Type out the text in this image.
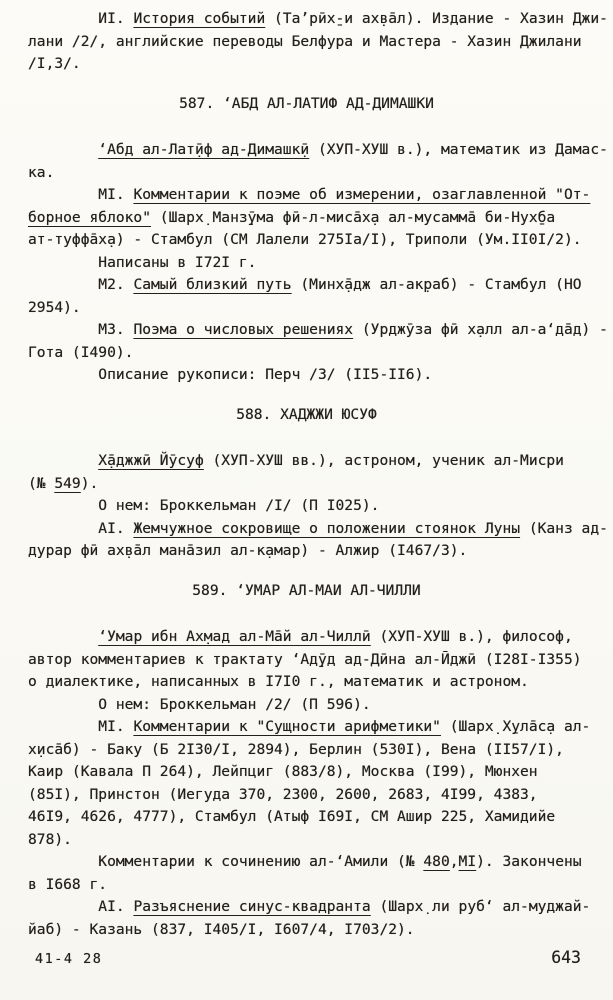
ИI. История событий (Та’рӣх̱-и ах̣ва̄л). Издание - Хазин Джи-
лани /2/, английские переводы Белфура и Мастера - Хазин Джилани
/I,3/.
587. ‘АБД АЛ-ЛАТИФ АД-ДИМАШКИ
‘Абд ал-Лат̣ӣф ад-Димашк̣ӣ (ХУП-ХУШ в.), математик из Дамас-
ка.
МI. Комментарии к поэме об измерении, озаглавленной "От-
борное яблоко" (Шарх̣ Манз̣ӯма фӣ-л-миса̄х̣а ал-мусамма̄ би-Нух̱ба
ат-туффа̄х̣а) - Стамбул (СМ Лалели 275Iа/I), Триполи (Ум.II0I/2).
Написаны в I72I г.
М2. Самый близкий путь (Минх̣а̄дж ал-ак̣раб) - Стамбул (НО
2954).
М3. Поэма о числовых решениях (Урджӯза фӣ х̣алл ал-а‘да̄д) -
Гота (I490).
Описание рукописи: Перч /3/ (II5-II6).
588. ХАДЖЖИ ЮСУФ
Х̣а̄джжӣ Йӯсуф (ХУП-ХУШ вв.), астроном, ученик ал-Мисри
(№ 549).
О нем: Броккельман /I/ (П I025).
АI. Жемчужное сокровище о положении стоянок Луны (Канз ад-
дурар фӣ ах̣ва̄л мана̄зил ал-к̣амар) - Алжир (I467/3).
589. ‘УМАР АЛ-МАИ АЛ-ЧИЛЛИ
‘Умар ибн Ах̣мад ал-Ма̄й ал-Чиллӣ (ХУП-ХУШ в.), философ,
автор комментариев к трактату ‘Ад̣ӯд ад-Дӣна ал-Ӣджӣ (I28I-I355)
о диалектике, написанных в I7I0 г., математик и астроном.
О нем: Броккельман /2/ (П 596).
МI. Комментарии к "Сущности арифметики" (Шарх̣ Х̱ула̄с̣а ал-
х̣иса̄б) - Баку (Б 2I30/I, 2894), Берлин (530I), Вена (II57/I),
Каир (Кавала П 264), Лейпциг (883/8), Москва (I99), Мюнхен
(85I), Принстон (Иегуда 370, 2300, 2600, 2683, 4I99, 4383,
46I9, 4626, 4777), Стамбул (Атыф I69I, СМ Ашир 225, Хамидийе
878).
Комментарии к сочинению ал-‘Амили (№ 480,МI). Закончены
в I668 г.
АI. Разъяснение синус-квадранта (Шарх̣ ли руб‘ ал-муджай-
йаб) - Казань (837, I405/I, I607/4, I703/2).
41-4 28	643
